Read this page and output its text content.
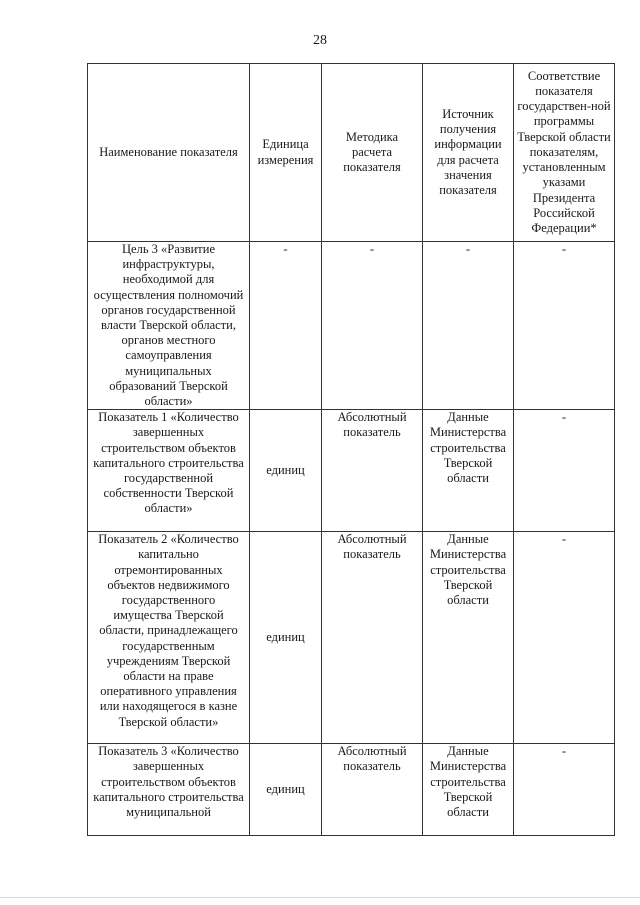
28
Наименование показателя	Единица измерения	Методика расчета показателя	Источник получения информации для расчета значения показателя	Соответствие показателя государствен-ной программы Тверской области показателям, установленным указами Президента Российской Федерации*
Цель 3 «Развитие инфраструктуры, необходимой для осуществления полномочий органов государственной власти Тверской области, органов местного самоуправления муниципальных образований Тверской области»	-	-	-	-
Показатель 1 «Количество завершенных строительством объектов капитального строительства государственной собственности Тверской области»	единиц	Абсолютный показатель	Данные Министерства строительства Тверской области	-
Показатель 2 «Количество капитально отремонтированных объектов недвижимого государственного имущества Тверской области, принадлежащего государственным учреждениям Тверской области на праве оперативного управления или находящегося в казне Тверской области»	единиц	Абсолютный показатель	Данные Министерства строительства Тверской области	-
Показатель 3 «Количество завершенных строительством объектов капитального строительства муниципальной	единиц	Абсолютный показатель	Данные Министерства строительства Тверской области	-
